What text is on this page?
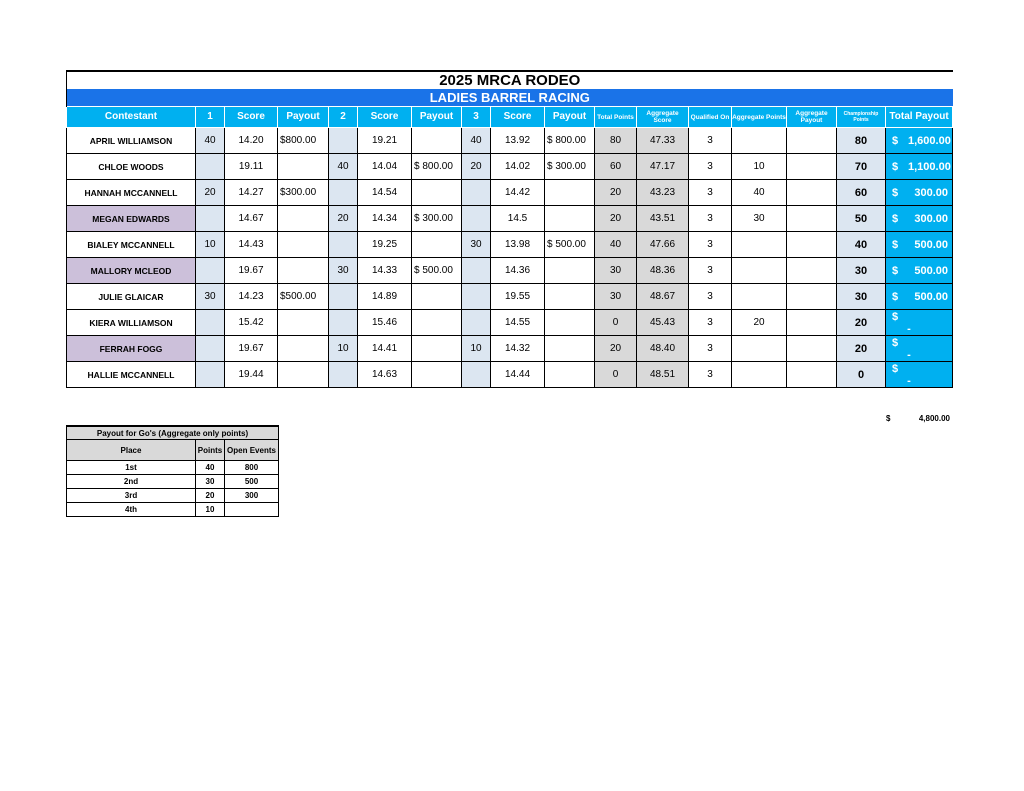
2025 MRCA RODEO																
LADIES BARREL RACING																
Contestant	1	Score	Payout	2	Score	Payout	3	Score	Payout	Total Points	Aggregate Score	Qualified On	Aggregate Points	Aggregate Payout	Championship Points	Total Payout
APRIL WILLIAMSON	40	14.20	$800.00		19.21		40	13.92	$ 800.00	80	47.33	3			80	$ 1,600.00
CHLOE WOODS		19.11		40	14.04	$ 800.00	20	14.02	$ 300.00	60	47.17	3	10		70	$ 1,100.00
HANNAH MCCANNELL	20	14.27	$300.00		14.54			14.42		20	43.23	3	40		60	$ 300.00
MEGAN EDWARDS		14.67		20	14.34	$ 300.00		14.5		20	43.51	3	30		50	$ 300.00
BIALEY MCCANNELL	10	14.43			19.25		30	13.98	$ 500.00	40	47.66	3			40	$ 500.00
MALLORY MCLEOD		19.67		30	14.33	$ 500.00		14.36		30	48.36	3			30	$ 500.00
JULIE GLAICAR	30	14.23	$500.00		14.89			19.55		30	48.67	3			30	$ 500.00
KIERA WILLIAMSON		15.42			15.46			14.55		0	45.43	3	20		20	$-
FERRAH FOGG		19.67		10	14.41		10	14.32		20	48.40	3			20	$-
HALLIE MCCANNELL		19.44			14.63			14.44		0	48.51	3			0	$-
$	4,800.00
Payout for Go's (Aggregate only points)		
Place	Points	Open Events
1st	40	800
2nd	30	500
3rd	20	300
4th	10	
